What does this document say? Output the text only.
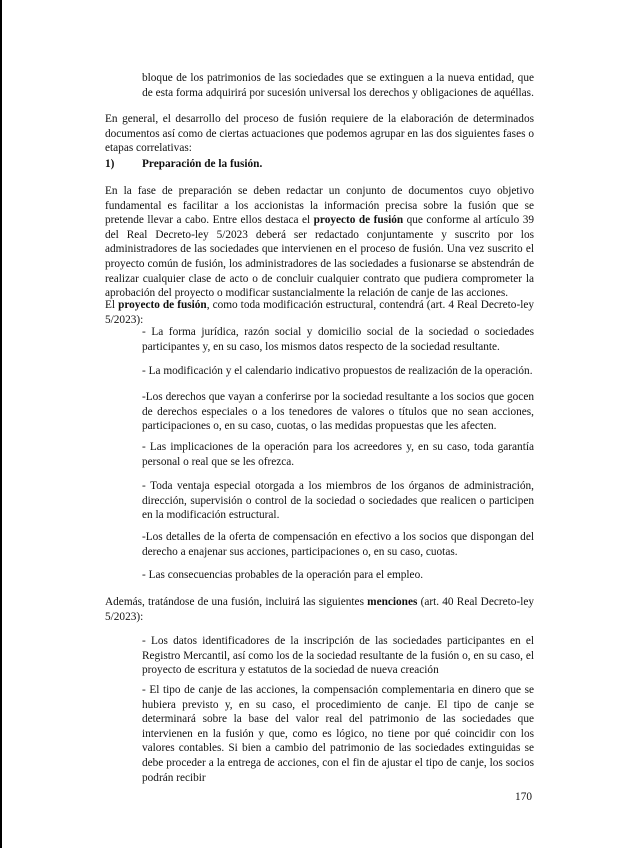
bloque de los patrimonios de las sociedades que se extinguen a la nueva entidad, que de esta forma adquirirá por sucesión universal los derechos y obligaciones de aquéllas.

En general, el desarrollo del proceso de fusión requiere de la elaboración de determinados documentos así como de ciertas actuaciones que podemos agrupar en las dos siguientes fases o etapas correlativas:

1) Preparación de la fusión.

En la fase de preparación se deben redactar un conjunto de documentos cuyo objetivo fundamental es facilitar a los accionistas la información precisa sobre la fusión que se pretende llevar a cabo. Entre ellos destaca el proyecto de fusión que conforme al artículo 39 del Real Decreto-ley 5/2023 deberá ser redactado conjuntamente y suscrito por los administradores de las sociedades que intervienen en el proceso de fusión. Una vez suscrito el proyecto común de fusión, los administradores de las sociedades a fusionarse se abstendrán de realizar cualquier clase de acto o de concluir cualquier contrato que pudiera comprometer la aprobación del proyecto o modificar sustancialmente la relación de canje de las acciones.

El proyecto de fusión, como toda modificación estructural, contendrá (art. 4 Real Decreto-ley 5/2023):

- La forma jurídica, razón social y domicilio social de la sociedad o sociedades participantes y, en su caso, los mismos datos respecto de la sociedad resultante.

- La modificación y el calendario indicativo propuestos de realización de la operación.

-Los derechos que vayan a conferirse por la sociedad resultante a los socios que gocen de derechos especiales o a los tenedores de valores o títulos que no sean acciones, participaciones o, en su caso, cuotas, o las medidas propuestas que les afecten.

- Las implicaciones de la operación para los acreedores y, en su caso, toda garantía personal o real que se les ofrezca.

- Toda ventaja especial otorgada a los miembros de los órganos de administración, dirección, supervisión o control de la sociedad o sociedades que realicen o participen en la modificación estructural.

-Los detalles de la oferta de compensación en efectivo a los socios que dispongan del derecho a enajenar sus acciones, participaciones o, en su caso, cuotas.

- Las consecuencias probables de la operación para el empleo.

Además, tratándose de una fusión, incluirá las siguientes menciones (art. 40 Real Decreto-ley 5/2023):

- Los datos identificadores de la inscripción de las sociedades participantes en el Registro Mercantil, así como los de la sociedad resultante de la fusión o, en su caso, el proyecto de escritura y estatutos de la sociedad de nueva creación

- El tipo de canje de las acciones, la compensación complementaria en dinero que se hubiera previsto y, en su caso, el procedimiento de canje. El tipo de canje se determinará sobre la base del valor real del patrimonio de las sociedades que intervienen en la fusión y que, como es lógico, no tiene por qué coincidir con los valores contables. Si bien a cambio del patrimonio de las sociedades extinguidas se debe proceder a la entrega de acciones, con el fin de ajustar el tipo de canje, los socios podrán recibir

170
